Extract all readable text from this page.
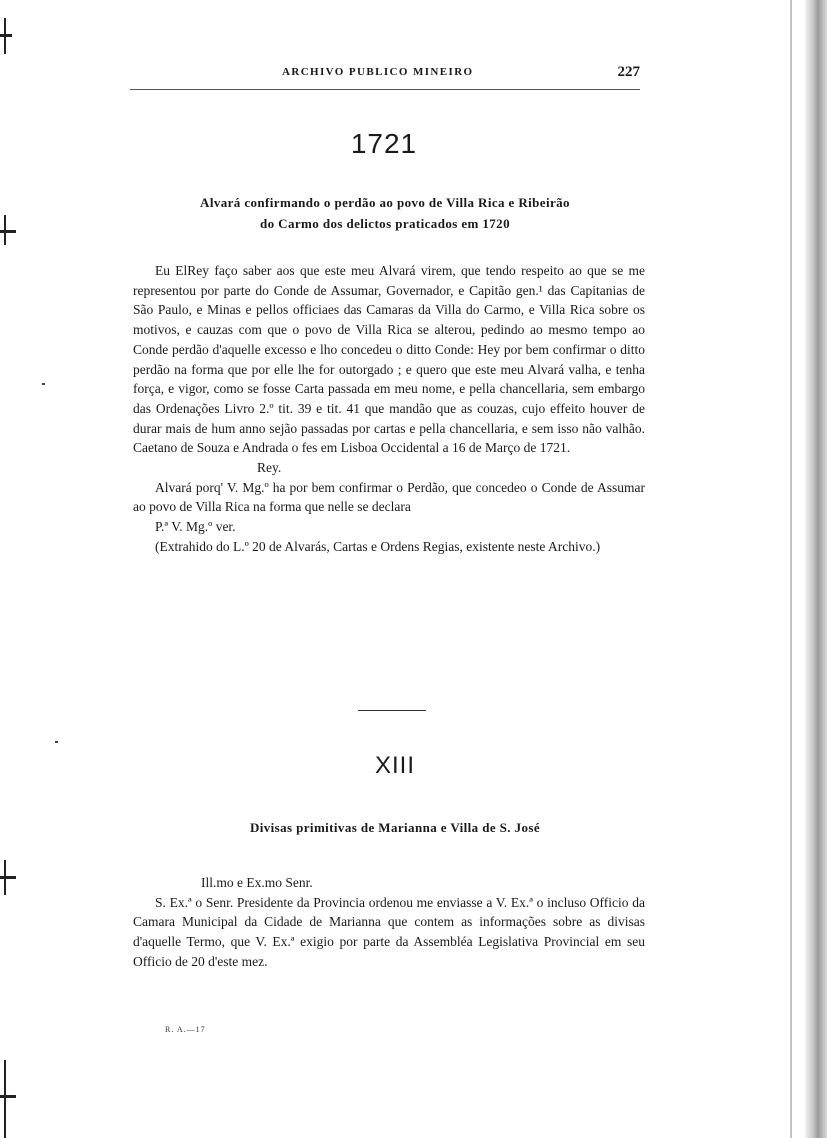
ARCHIVO PUBLICO MINEIRO	227
1721
Alvará confirmando o perdão ao povo de Villa Rica e Ribeirão
do Carmo dos delictos praticados em 1720

Eu ElRey faço saber aos que este meu Alvará virem, que tendo respeito ao que se me representou por parte do Conde de Assumar, Governador, e Capitão gen.¹ das Capitanias de São Paulo, e Minas e pellos officiaes das Camaras da Villa do Carmo, e Villa Rica sobre os motivos, e cauzas com que o povo de Villa Rica se alterou, pedindo ao mesmo tempo ao Conde perdão d'aquelle excesso e lho concedeu o ditto Conde: Hey por bem confirmar o ditto perdão na forma que por elle lhe for outorgado ; e quero que este meu Alvará valha, e tenha força, e vigor, como se fosse Carta passada em meu nome, e pella chancellaria, sem embargo das Ordenações Livro 2.º tit. 39 e tit. 41 que mandão que as couzas, cujo effeito houver de durar mais de hum anno sejão passadas por cartas e pella chancellaria, e sem isso não valhão. Caetano de Souza e Andrada o fes em Lisboa Occidental a 16 de Março de 1721.

Rey.

Alvará porq' V. Mg.º ha por bem confirmar o Perdão, que concedeo o Conde de Assumar ao povo de Villa Rica na forma que nelle se declara

P.ª V. Mg.º ver.

(Extrahido do L.º 20 de Alvarás, Cartas e Ordens Regias, existente neste Archivo.)

XIII
Divisas primitivas de Marianna e Villa de S. José

Ill.mo e Ex.mo Senr.

S. Ex.ª o Senr. Presidente da Provincia ordenou me enviasse a V. Ex.ª o incluso Officio da Camara Municipal da Cidade de Marianna que contem as informações sobre as divisas d'aquelle Termo, que V. Ex.ª exigio por parte da Assembléa Legislativa Provincial em seu Officio de 20 d'este mez.

R. A.—17
